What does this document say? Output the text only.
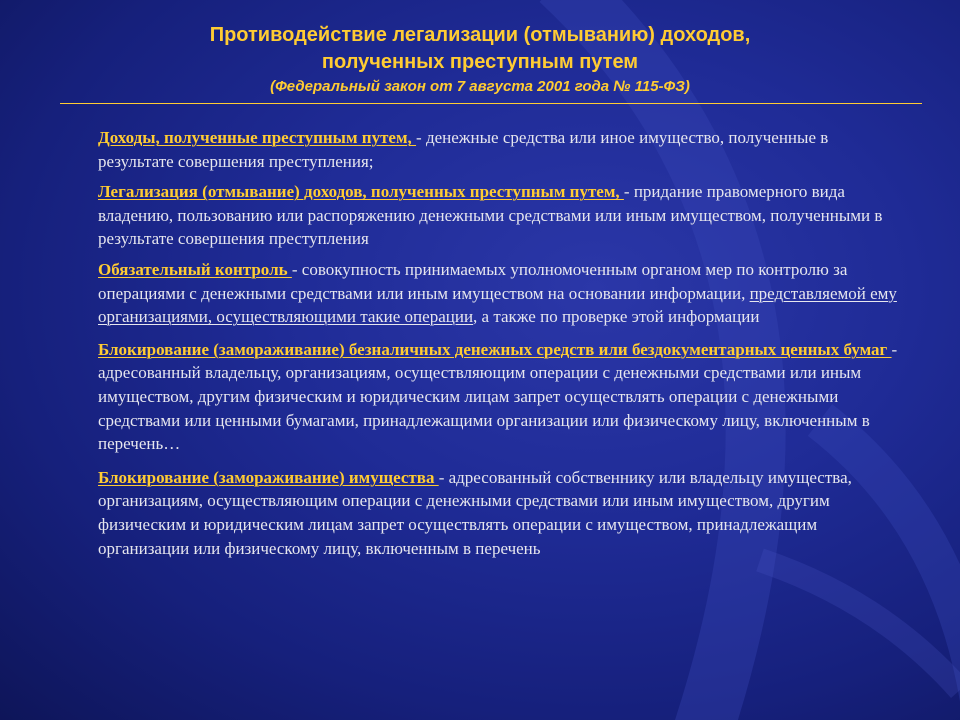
Противодействие легализации (отмыванию) доходов,
полученных преступным путем
(Федеральный закон от 7 августа 2001 года № 115-ФЗ)

Доходы, полученные преступным путем, - денежные средства или иное имущество, полученные в результате совершения преступления;

Легализация (отмывание) доходов, полученных преступным путем, - придание правомерного вида владению, пользованию или распоряжению денежными средствами или иным имуществом, полученными в результате совершения преступления

Обязательный контроль - совокупность принимаемых уполномоченным органом мер по контролю за операциями с денежными средствами или иным имуществом на основании информации, представляемой ему организациями, осуществляющими такие операции, а также по проверке этой информации

Блокирование (замораживание) безналичных денежных средств или бездокументарных ценных бумаг - адресованный владельцу, организациям, осуществляющим операции с денежными средствами или иным имуществом, другим физическим и юридическим лицам запрет осуществлять операции с денежными средствами или ценными бумагами, принадлежащими организации или физическому лицу, включенным в перечень…

Блокирование (замораживание) имущества - адресованный собственнику или владельцу имущества, организациям, осуществляющим операции с денежными средствами или иным имуществом, другим физическим и юридическим лицам запрет осуществлять операции с имуществом, принадлежащим организации или физическому лицу, включенным в перечень
